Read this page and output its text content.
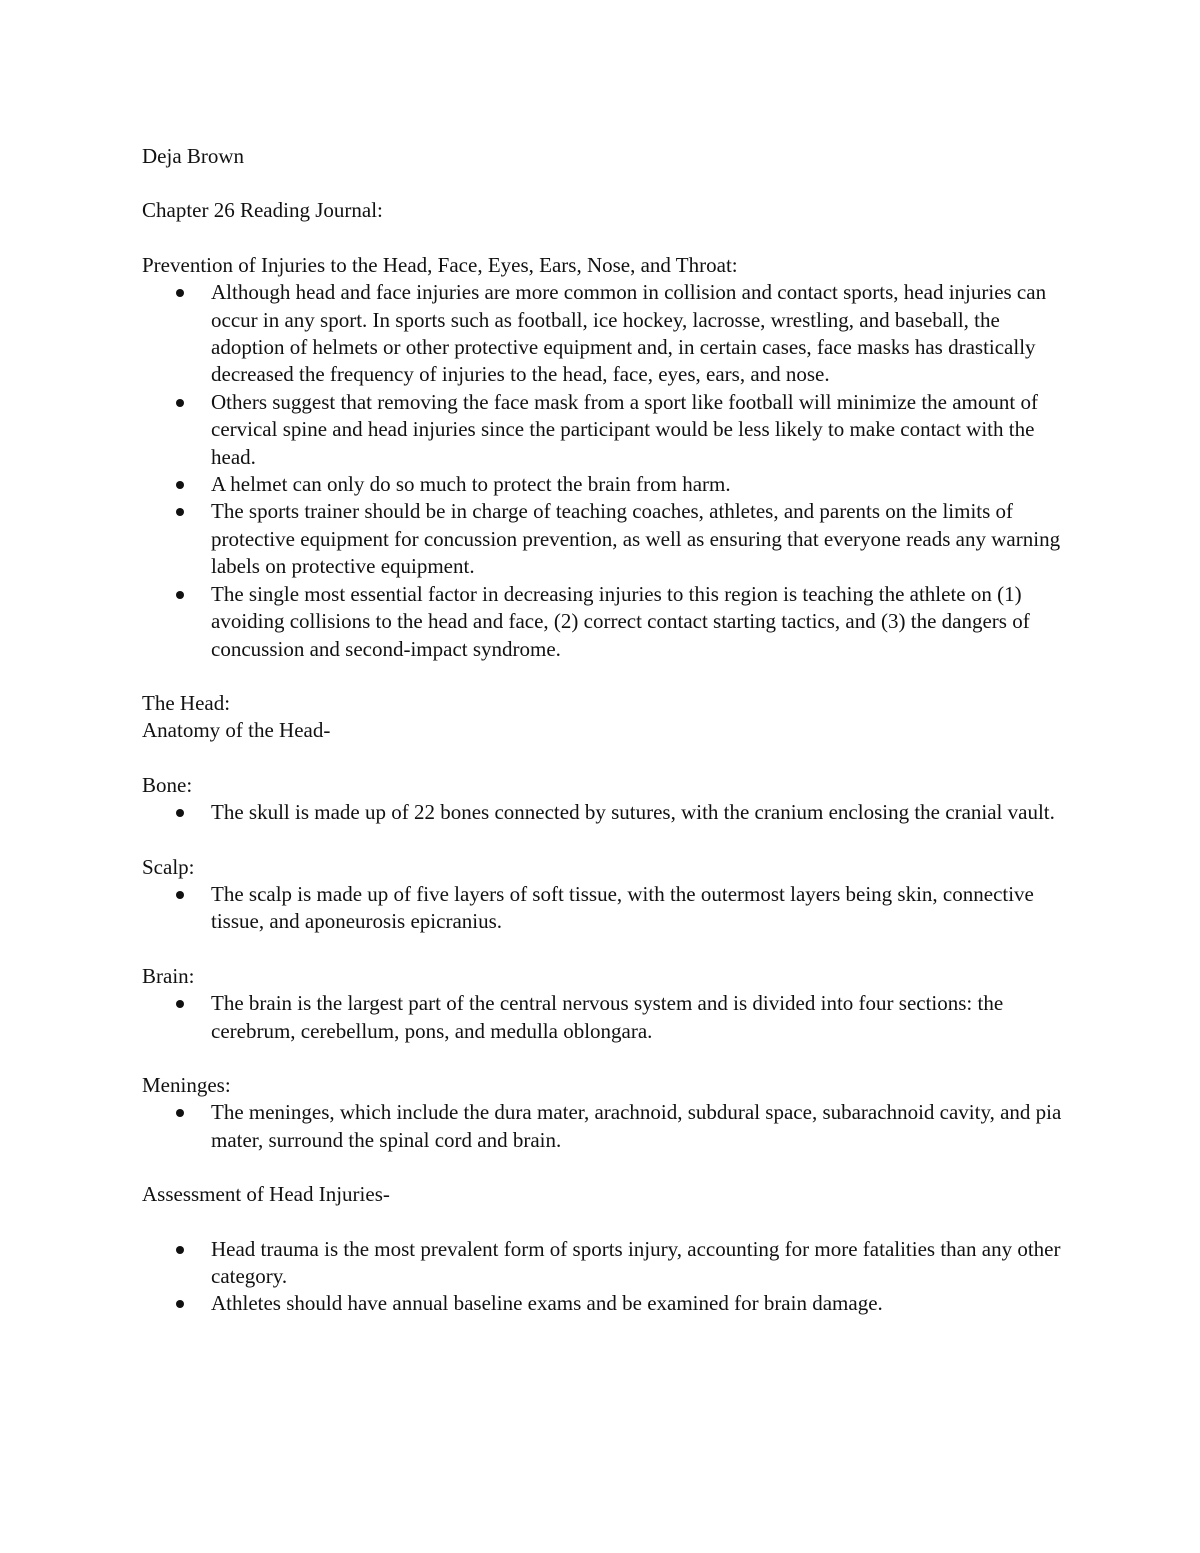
Deja Brown

Chapter 26 Reading Journal:

Prevention of Injuries to the Head, Face, Eyes, Ears, Nose, and Throat:

Although head and face injuries are more common in collision and contact sports, head injuries can occur in any sport. In sports such as football, ice hockey, lacrosse, wrestling, and baseball, the adoption of helmets or other protective equipment and, in certain cases, face masks has drastically decreased the frequency of injuries to the head, face, eyes, ears, and nose.
Others suggest that removing the face mask from a sport like football will minimize the amount of cervical spine and head injuries since the participant would be less likely to make contact with the head.
A helmet can only do so much to protect the brain from harm.
The sports trainer should be in charge of teaching coaches, athletes, and parents on the limits of protective equipment for concussion prevention, as well as ensuring that everyone reads any warning labels on protective equipment.
The single most essential factor in decreasing injuries to this region is teaching the athlete on (1) avoiding collisions to the head and face, (2) correct contact starting tactics, and (3) the dangers of concussion and second-impact syndrome.

The Head:

Anatomy of the Head-

Bone:

The skull is made up of 22 bones connected by sutures, with the cranium enclosing the cranial vault.

Scalp:

The scalp is made up of five layers of soft tissue, with the outermost layers being skin, connective tissue, and aponeurosis epicranius.

Brain:

The brain is the largest part of the central nervous system and is divided into four sections: the cerebrum, cerebellum, pons, and medulla oblongara.

Meninges:

The meninges, which include the dura mater, arachnoid, subdural space, subarachnoid cavity, and pia mater, surround the spinal cord and brain.

Assessment of Head Injuries-

Head trauma is the most prevalent form of sports injury, accounting for more fatalities than any other category.
Athletes should have annual baseline exams and be examined for brain damage.
